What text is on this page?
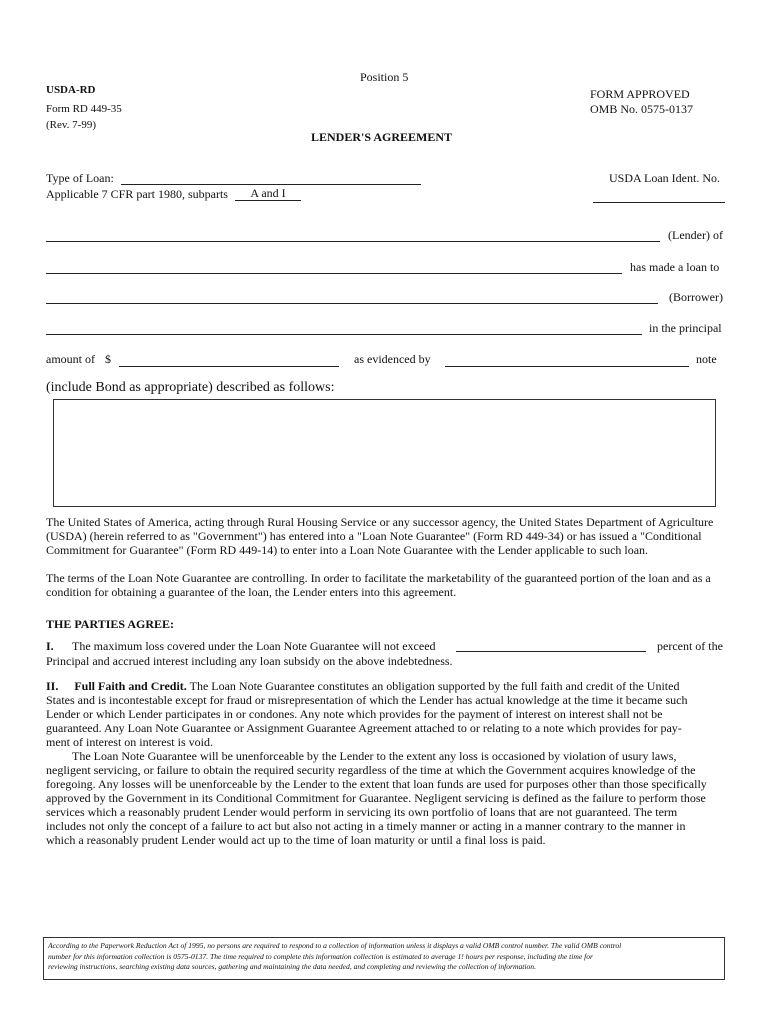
Position 5
USDA-RD	FORM APPROVED
Form RD 449-35	OMB No. 0575-0137
(Rev. 7-99)
LENDER'S AGREEMENT
Type of Loan:	USDA Loan Ident. No.
Applicable 7 CFR part 1980, subparts	A and I
(Lender) of
has made a loan to
(Borrower)
in the principal
amount of $	as evidenced by	note
(include Bond as appropriate) described as follows:
The United States of America, acting through Rural Housing Service or any successor agency, the United States Department of Agriculture
(USDA) (herein referred to as "Government") has entered into a "Loan Note Guarantee" (Form RD 449-34) or has issued a "Conditional
Commitment for Guarantee" (Form RD 449-14) to enter into a Loan Note Guarantee with the Lender applicable to such loan.
The terms of the Loan Note Guarantee are controlling. In order to facilitate the marketability of the guaranteed portion of the loan and as a
condition for obtaining a guarantee of the loan, the Lender enters into this agreement.
THE PARTIES AGREE:
I. The maximum loss covered under the Loan Note Guarantee will not exceed	percent of the
Principal and accrued interest including any loan subsidy on the above indebtedness.
II. Full Faith and Credit. The Loan Note Guarantee constitutes an obligation supported by the full faith and credit of the United
States and is incontestable except for fraud or misrepresentation of which the Lender has actual knowledge at the time it became such
Lender or which Lender participates in or condones. Any note which provides for the payment of interest on interest shall not be
guaranteed. Any Loan Note Guarantee or Assignment Guarantee Agreement attached to or relating to a note which provides for pay-
ment of interest on interest is void.
The Loan Note Guarantee will be unenforceable by the Lender to the extent any loss is occasioned by violation of usury laws,
negligent servicing, or failure to obtain the required security regardless of the time at which the Government acquires knowledge of the
foregoing. Any losses will be unenforceable by the Lender to the extent that loan funds are used for purposes other than those specifically
approved by the Government in its Conditional Commitment for Guarantee. Negligent servicing is defined as the failure to perform those
services which a reasonably prudent Lender would perform in servicing its own portfolio of loans that are not guaranteed. The term
includes not only the concept of a failure to act but also not acting in a timely manner or acting in a manner contrary to the manner in
which a reasonably prudent Lender would act up to the time of loan maturity or until a final loss is paid.
According to the Paperwork Reduction Act of 1995, no persons are required to respond to a collection of information unless it displays a valid OMB control number. The valid OMB control
number for this information collection is 0575-0137. The time required to complete this information collection is estimated to average 1! hours per response, including the time for
reviewing instructions, searching existing data sources, gathering and maintaining the data needed, and completing and reviewing the collection of information.
